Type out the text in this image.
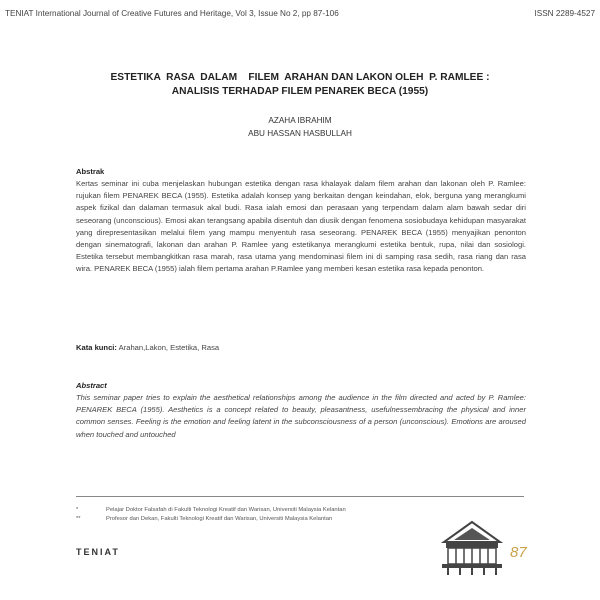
TENIAT International Journal of Creative Futures and Heritage, Vol 3, Issue No 2, pp 87-106	ISSN 2289-4527
ESTETIKA  RASA  DALAM    FILEM  ARAHAN DAN LAKON OLEH  P. RAMLEE :
ANALISIS TERHADAP FILEM PENAREK BECA (1955)
AZAHA IBRAHIM
ABU HASSAN HASBULLAH
Abstrak
Kertas seminar ini cuba menjelaskan hubungan estetika dengan rasa khalayak dalam filem arahan dan lakonan oleh P. Ramlee: rujukan filem PENAREK BECA (1955). Estetika adalah konsep yang berkaitan dengan keindahan, elok, berguna yang merangkumi aspek fizikal dan dalaman termasuk akal budi. Rasa ialah emosi dan perasaan yang terpendam dalam alam bawah sedar diri seseorang (unconscious). Emosi akan terangsang apabila disentuh dan diusik dengan fenomena sosiobudaya kehidupan masyarakat yang direpresentasikan melalui filem yang mampu menyentuh rasa seseorang. PENAREK BECA (1955) menyajikan penonton dengan sinematografi, lakonan dan arahan P. Ramlee yang estetikanya merangkumi estetika bentuk, rupa, nilai dan sosiologi. Estetika tersebut membangkitkan rasa marah, rasa utama yang mendominasi filem ini di samping rasa sedih, rasa riang dan rasa wira. PENAREK BECA (1955) ialah filem pertama arahan P.Ramlee yang memberi kesan estetika rasa kepada penonton.
Kata kunci: Arahan,Lakon, Estetika, Rasa
Abstract
This seminar paper tries to explain the aesthetical relationships among the audience in the film directed and acted by P. Ramlee: PENAREK BECA (1955). Aesthetics is a concept related to beauty, pleasantness, usefulnessembracing the physical and inner common senses. Feeling is the emotion and feeling latent in the subconsciousness of a person (unconscious). Emotions are aroused when touched and untouched
*	Pelajar Doktor Falsafah di Fakulti Teknologi Kreatif dan Warisan, Universiti Malaysia Kelantan
**	Profesor dan Dekan, Fakulti Teknologi Kreatif dan Warisan, Universiti Malaysia Kelantan
TENIAT	87
